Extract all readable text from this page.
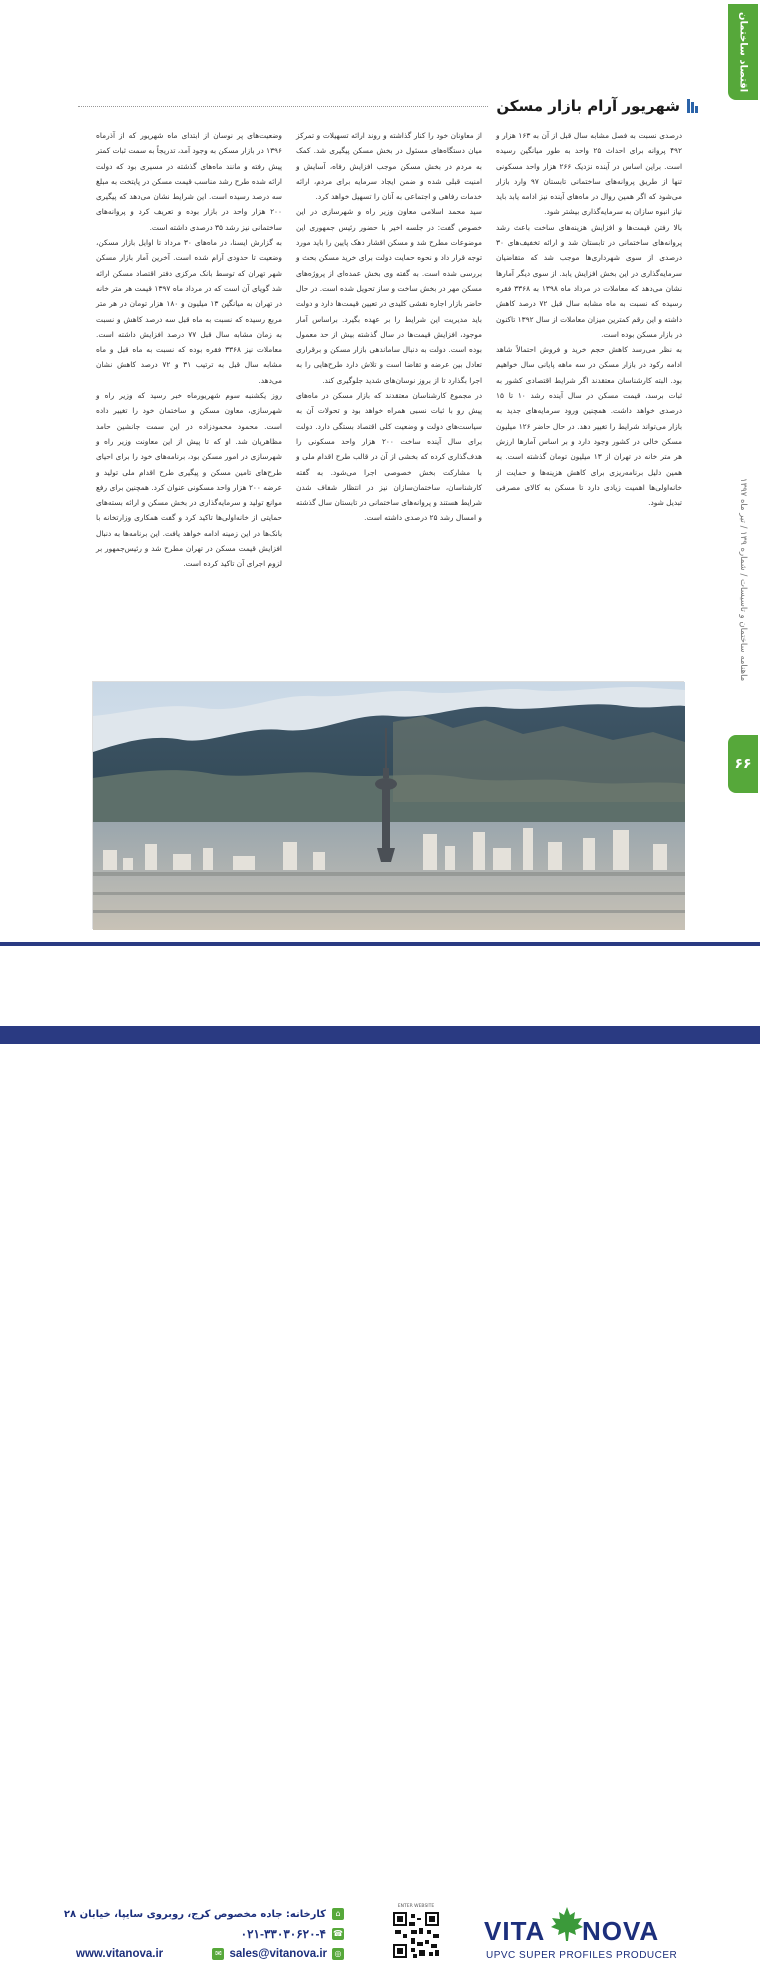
اقتصاد ساختمان
ماهنامه ساختمان و تاسیسات / شماره ۱۳۹ / تیر ماه ۱۳۹۷
۶۶
شهریور آرام بازار مسکن

وضعیت‌های پر نوسان از ابتدای ماه شهریور که از آذرماه ۱۳۹۶ در بازار مسکن به وجود آمد، تدریجاً به سمت ثبات کمتر پیش رفته و مانند ماه‌های گذشته در مسیری بود که دولت ارائه شده طرح رشد مناسب قیمت مسکن در پایتخت به مبلغ سه درصد رسیده است. این شرایط نشان می‌دهد که پیگیری ۲۰۰ هزار واحد در بازار بوده و تعریف کرد و پروانه‌های ساختمانی نیز رشد ۳۵ درصدی داشته است.

به گزارش ایسنا، در ماه‌های ۳۰ مرداد تا اوایل بازار مسکن، وضعیت تا حدودی آرام شده است. آخرین آمار بازار مسکن شهر تهران که توسط بانک مرکزی دفتر اقتصاد مسکن ارائه شد گویای آن است که در مرداد ماه ۱۳۹۷ قیمت هر متر خانه در تهران به میانگین ۱۳ میلیون و ۱۸۰ هزار تومان در هر متر مربع رسیده که نسبت به ماه قبل سه درصد کاهش و نسبت به زمان مشابه سال قبل ۷۷ درصد افزایش داشته است. معاملات نیز ۳۳۶۸ فقره بوده که نسبت به ماه قبل و ماه مشابه سال قبل به ترتیب ۳۱ و ۷۲ درصد کاهش نشان می‌دهد.

روز یکشنبه سوم شهریورماه خبر رسید که وزیر راه و شهرسازی، معاون مسکن و ساختمان خود را تغییر داده است. محمود محمودزاده در این سمت جانشین حامد مظاهریان شد. او که تا پیش از این معاونت وزیر راه و شهرسازی در امور مسکن بود، برنامه‌های خود را برای احیای طرح‌های تامین مسکن و پیگیری طرح اقدام ملی تولید و عرضه ۲۰۰ هزار واحد مسکونی عنوان کرد. همچنین برای رفع موانع تولید و سرمایه‌گذاری در بخش مسکن و ارائه بسته‌های حمایتی از خانه‌اولی‌ها تاکید کرد و گفت همکاری وزارتخانه با بانک‌ها در این زمینه ادامه خواهد یافت. این برنامه‌ها به دنبال افزایش قیمت مسکن در تهران مطرح شد و رئیس‌جمهور بر لزوم اجرای آن تاکید کرده است.

از معاونان خود را کنار گذاشته و روند ارائه تسهیلات و تمرکز میان دستگاه‌های مسئول در بخش مسکن پیگیری شد. کمک به مردم در بخش مسکن موجب افزایش رفاه، آسایش و امنیت قبلی شده و ضمن ایجاد سرمایه برای مردم، ارائه خدمات رفاهی و اجتماعی به آنان را تسهیل خواهد کرد.

سید محمد اسلامی معاون وزیر راه و شهرسازی در این خصوص گفت: در جلسه اخیر با حضور رئیس جمهوری این موضوعات مطرح شد و مسکن اقشار دهک پایین را باید مورد توجه قرار داد و نحوه حمایت دولت برای خرید مسکن بحث و بررسی شده است. به گفته وی بخش عمده‌ای از پروژه‌های مسکن مهر در بخش ساخت و ساز تحویل شده است. در حال حاضر بازار اجاره نقشی کلیدی در تعیین قیمت‌ها دارد و دولت باید مدیریت این شرایط را بر عهده بگیرد. براساس آمار موجود، افزایش قیمت‌ها در سال گذشته بیش از حد معمول بوده است. دولت به دنبال ساماندهی بازار مسکن و برقراری تعادل بین عرضه و تقاضا است و تلاش دارد طرح‌هایی را به اجرا بگذارد تا از بروز نوسان‌های شدید جلوگیری کند.

در مجموع کارشناسان معتقدند که بازار مسکن در ماه‌های پیش رو با ثبات نسبی همراه خواهد بود و تحولات آن به سیاست‌های دولت و وضعیت کلی اقتصاد بستگی دارد. دولت برای سال آینده ساخت ۲۰۰ هزار واحد مسکونی را هدف‌گذاری کرده که بخشی از آن در قالب طرح اقدام ملی و با مشارکت بخش خصوصی اجرا می‌شود. به گفته کارشناسان، ساختمان‌سازان نیز در انتظار شفاف شدن شرایط هستند و پروانه‌های ساختمانی در تابستان سال گذشته و امسال رشد ۲۵ درصدی داشته است.

درصدی نسبت به فصل مشابه سال قبل از آن به ۱۶۳ هزار و ۴۹۲ پروانه برای احداث ۲۵ واحد به طور میانگین رسیده است. براین اساس در آینده نزدیک ۲۶۶ هزار واحد مسکونی تنها از طریق پروانه‌های ساختمانی تابستان ۹۷ وارد بازار می‌شود که اگر همین روال در ماه‌های آینده نیز ادامه یابد باید نیاز انبوه سازان به سرمایه‌گذاری بیشتر شود.

بالا رفتن قیمت‌ها و افزایش هزینه‌های ساخت باعث رشد پروانه‌های ساختمانی در تابستان شد و ارائه تخفیف‌های ۳۰ درصدی از سوی شهرداری‌ها موجب شد که متقاضیان سرمایه‌گذاری در این بخش افزایش یابد. از سوی دیگر آمارها نشان می‌دهد که معاملات در مرداد ماه ۱۳۹۸ به ۳۳۶۸ فقره رسیده که نسبت به ماه مشابه سال قبل ۷۲ درصد کاهش داشته و این رقم کمترین میزان معاملات از سال ۱۳۹۲ تاکنون در بازار مسکن بوده است.

به نظر می‌رسد کاهش حجم خرید و فروش احتمالاً شاهد ادامه رکود در بازار مسکن در سه ماهه پایانی سال خواهیم بود. البته کارشناسان معتقدند اگر شرایط اقتصادی کشور به ثبات برسد، قیمت مسکن در سال آینده رشد ۱۰ تا ۱۵ درصدی خواهد داشت. همچنین ورود سرمایه‌های جدید به بازار می‌تواند شرایط را تغییر دهد. در حال حاضر ۱۲۶ میلیون مسکن خالی در کشور وجود دارد و بر اساس آمارها ارزش هر متر خانه در تهران از ۱۳ میلیون تومان گذشته است. به همین دلیل برنامه‌ریزی برای کاهش هزینه‌ها و حمایت از خانه‌اولی‌ها اهمیت زیادی دارد تا مسکن به کالای مصرفی تبدیل شود.

⌂
کارخانه: جاده مخصوص کرج، روبروی سایپا، خیابان ۲۸
☎
۰۲۱-۳۳۰۳۰۶۲۰-۴
www.vitanova.ir	✉ sales@vitanova.ir ◎
ENTER WEBSITE
VITA NOVA
UPVC SUPER PROFILES PRODUCER
